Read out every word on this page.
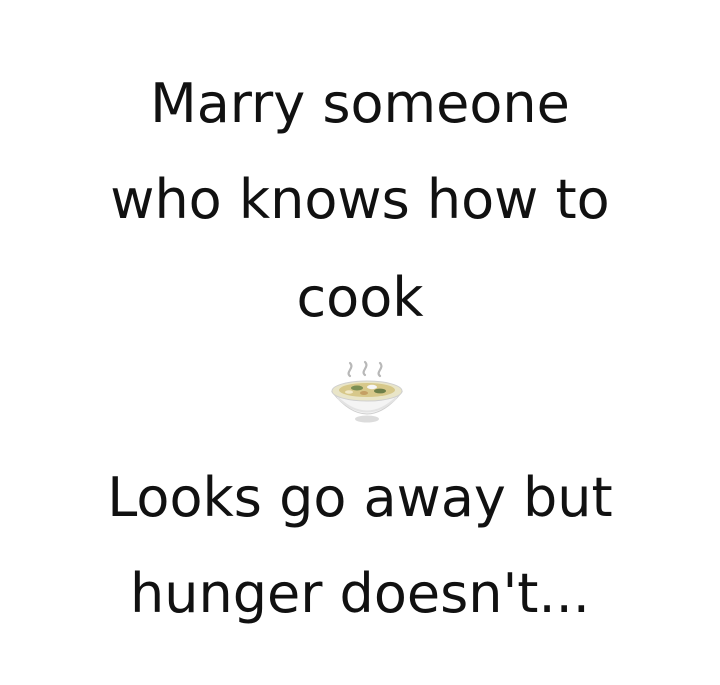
Marry someone
who knows how to
cook
Looks go away but
hunger doesn't...
